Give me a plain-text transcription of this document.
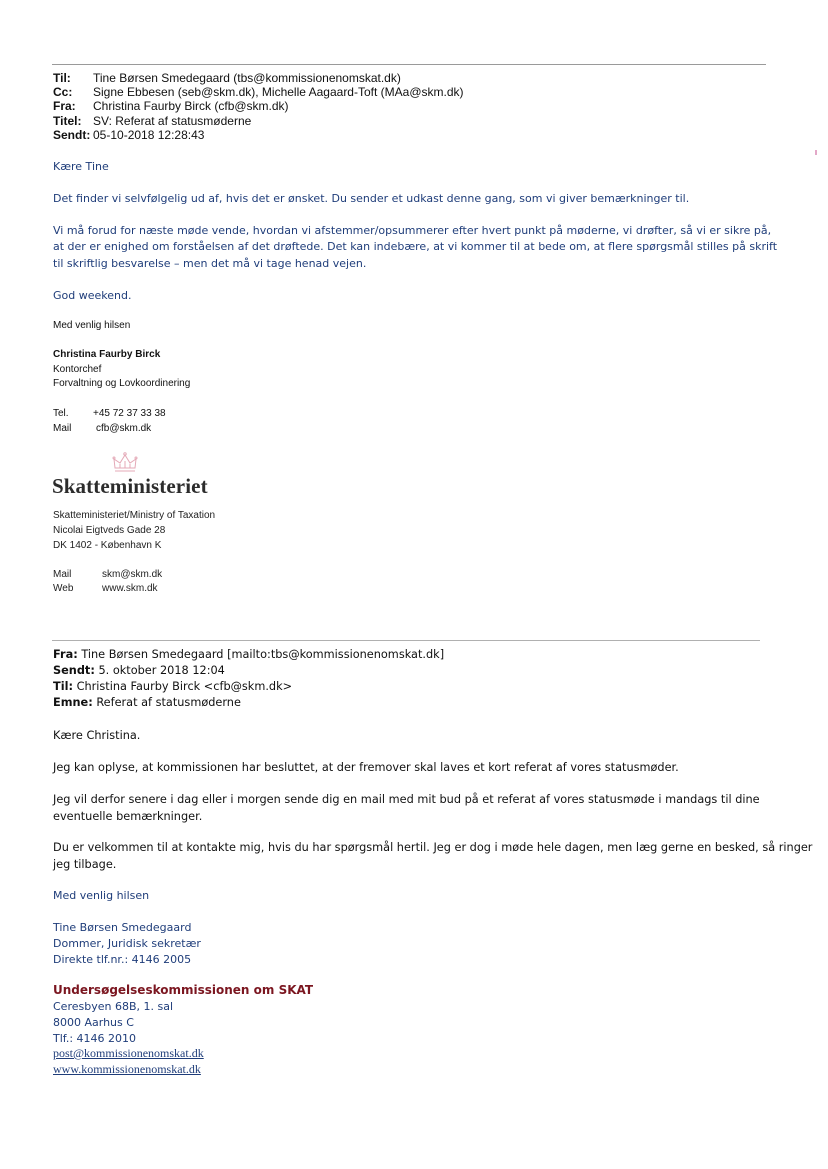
Til: Tine Børsen Smedegaard (tbs@kommissionenomskat.dk)
Cc: Signe Ebbesen (seb@skm.dk), Michelle Aagaard-Toft (MAa@skm.dk)
Fra: Christina Faurby Birck (cfb@skm.dk)
Titel: SV: Referat af statusmøderne
Sendt: 05-10-2018 12:28:43
Kære Tine
Det finder vi selvfølgelig ud af, hvis det er ønsket. Du sender et udkast denne gang, som vi giver bemærkninger til.
Vi må forud for næste møde vende, hvordan vi afstemmer/opsummerer efter hvert punkt på møderne, vi drøfter, så vi er sikre på,
at der er enighed om forståelsen af det drøftede. Det kan indebære, at vi kommer til at bede om, at flere spørgsmål stilles på skrift
til skriftlig besvarelse – men det må vi tage henad vejen.
God weekend.
Med venlig hilsen
Christina Faurby Birck
Kontorchef
Forvaltning og Lovkoordinering
Tel. +45 72 37 33 38
Mail cfb@skm.dk
Skatteministeriet
Skatteministeriet/Ministry of Taxation
Nicolai Eigtveds Gade 28
DK 1402 - København K
Mail	skm@skm.dk
Web	www.skm.dk
Fra: Tine Børsen Smedegaard [mailto:tbs@kommissionenomskat.dk]
Sendt: 5. oktober 2018 12:04
Til: Christina Faurby Birck <cfb@skm.dk>
Emne: Referat af statusmøderne
Kære Christina.
Jeg kan oplyse, at kommissionen har besluttet, at der fremover skal laves et kort referat af vores statusmøder.
Jeg vil derfor senere i dag eller i morgen sende dig en mail med mit bud på et referat af vores statusmøde i mandags til dine
eventuelle bemærkninger.
Du er velkommen til at kontakte mig, hvis du har spørgsmål hertil. Jeg er dog i møde hele dagen, men læg gerne en besked, så ringer
jeg tilbage.
Med venlig hilsen
Tine Børsen Smedegaard
Dommer, Juridisk sekretær
Direkte tlf.nr.: 4146 2005
Undersøgelseskommissionen om SKAT
Ceresbyen 68B, 1. sal
8000 Aarhus C
Tlf.: 4146 2010
post@kommissionenomskat.dk
www.kommissionenomskat.dk
